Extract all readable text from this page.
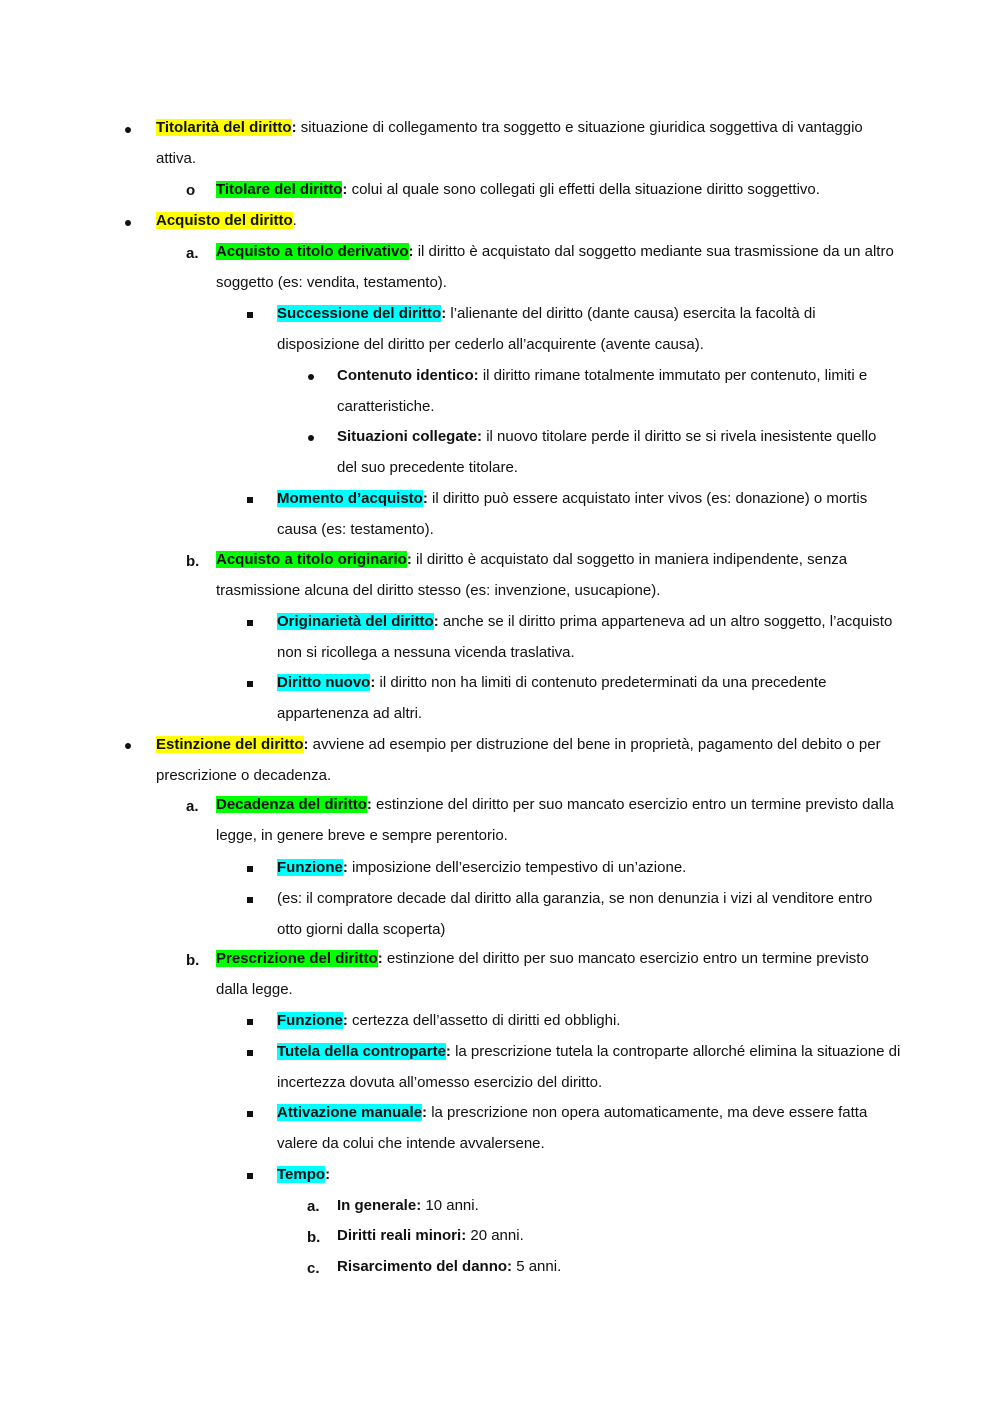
Titolarità del diritto: situazione di collegamento tra soggetto e situazione giuridica soggettiva di vantaggio attiva.
o Titolare del diritto: colui al quale sono collegati gli effetti della situazione diritto soggettivo.
Acquisto del diritto.
a. Acquisto a titolo derivativo: il diritto è acquistato dal soggetto mediante sua trasmissione da un altro soggetto (es: vendita, testamento).
Successione del diritto: l’alienante del diritto (dante causa) esercita la facoltà di disposizione del diritto per cederlo all’acquirente (avente causa).
Contenuto identico: il diritto rimane totalmente immutato per contenuto, limiti e caratteristiche.
Situazioni collegate: il nuovo titolare perde il diritto se si rivela inesistente quello del suo precedente titolare.
Momento d’acquisto: il diritto può essere acquistato inter vivos (es: donazione) o mortis causa (es: testamento).
b. Acquisto a titolo originario: il diritto è acquistato dal soggetto in maniera indipendente, senza trasmissione alcuna del diritto stesso (es: invenzione, usucapione).
Originarietà del diritto: anche se il diritto prima apparteneva ad un altro soggetto, l’acquisto non si ricollega a nessuna vicenda traslativa.
Diritto nuovo: il diritto non ha limiti di contenuto predeterminati da una precedente appartenenza ad altri.
Estinzione del diritto: avviene ad esempio per distruzione del bene in proprietà, pagamento del debito o per prescrizione o decadenza.
a. Decadenza del diritto: estinzione del diritto per suo mancato esercizio entro un termine previsto dalla legge, in genere breve e sempre perentorio.
Funzione: imposizione dell’esercizio tempestivo di un’azione.
(es: il compratore decade dal diritto alla garanzia, se non denunzia i vizi al venditore entro otto giorni dalla scoperta)
b. Prescrizione del diritto: estinzione del diritto per suo mancato esercizio entro un termine previsto dalla legge.
Funzione: certezza dell’assetto di diritti ed obblighi.
Tutela della controparte: la prescrizione tutela la controparte allorché elimina la situazione di incertezza dovuta all’omesso esercizio del diritto.
Attivazione manuale: la prescrizione non opera automaticamente, ma deve essere fatta valere da colui che intende avvalersene.
Tempo:
a. In generale: 10 anni.
b. Diritti reali minori: 20 anni.
c. Risarcimento del danno: 5 anni.
